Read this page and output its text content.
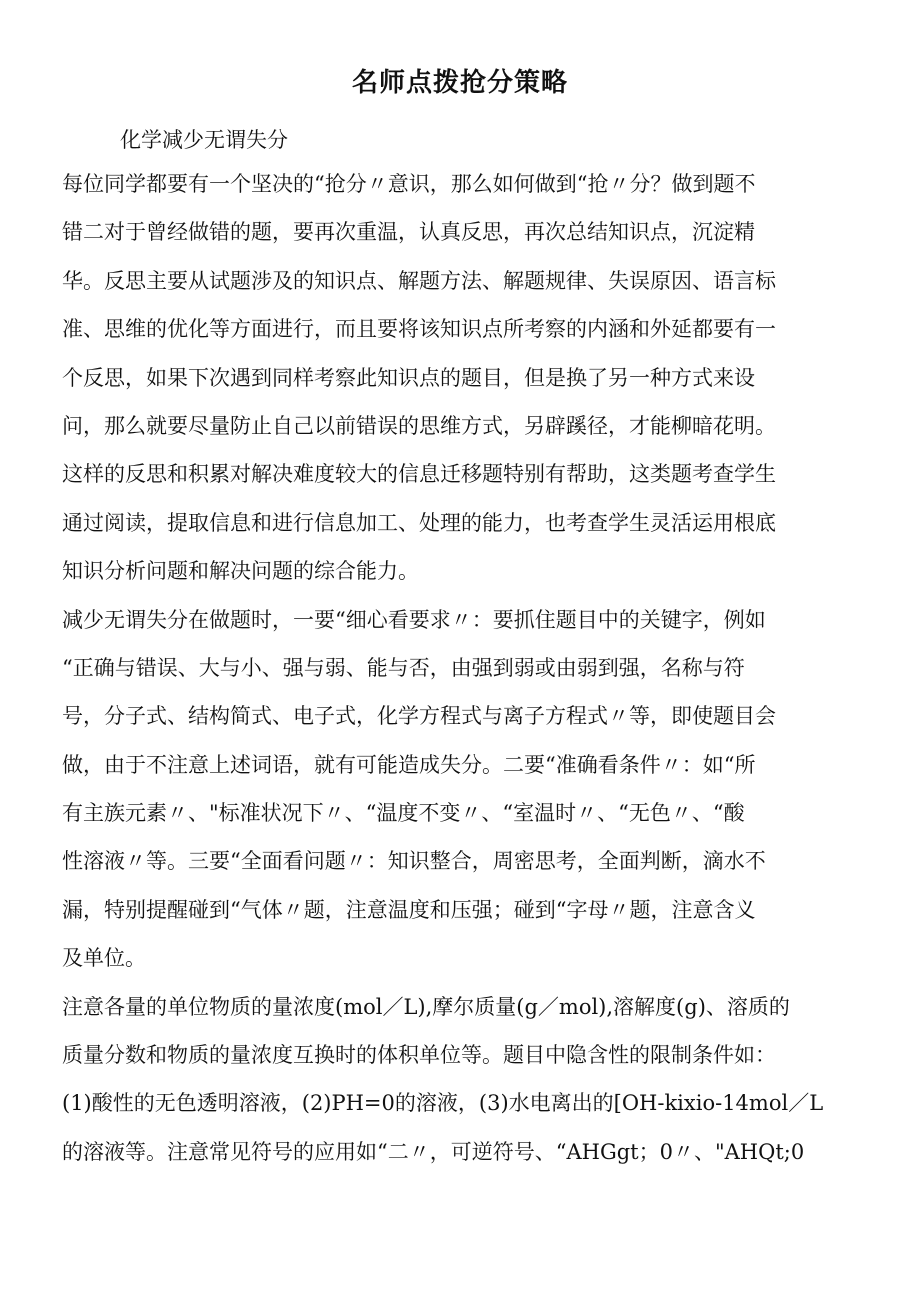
名师点拨抢分策略

化学减少无谓失分

每位同学都要有一个坚决的“抢分〃意识，那么如何做到“抢〃分？做到题不
错二对于曾经做错的题，要再次重温，认真反思，再次总结知识点，沉淀精
华。反思主要从试题涉及的知识点、解题方法、解题规律、失误原因、语言标
准、思维的优化等方面进行，而且要将该知识点所考察的内涵和外延都要有一
个反思，如果下次遇到同样考察此知识点的题目，但是换了另一种方式来设
问，那么就要尽量防止自己以前错误的思维方式，另辟蹊径，才能柳暗花明。
这样的反思和积累对解决难度较大的信息迁移题特别有帮助，这类题考查学生
通过阅读，提取信息和进行信息加工、处理的能力，也考查学生灵活运用根底
知识分析问题和解决问题的综合能力。
减少无谓失分在做题时，一要“细心看要求〃：要抓住题目中的关键字，例如
“正确与错误、大与小、强与弱、能与否，由强到弱或由弱到强，名称与符
号，分子式、结构简式、电子式，化学方程式与离子方程式〃等，即使题目会
做，由于不注意上述词语，就有可能造成失分。二要“准确看条件〃：如“所
有主族元素〃、"标准状况下〃、“温度不变〃、“室温时〃、“无色〃、“酸
性溶液〃等。三要“全面看问题〃：知识整合，周密思考，全面判断，滴水不
漏，特别提醒碰到“气体〃题，注意温度和压强；碰到“字母〃题，注意含义
及单位。
注意各量的单位物质的量浓度(mol／L),摩尔质量(g／mol),溶解度(g)、溶质的
质量分数和物质的量浓度互换时的体积单位等。题目中隐含性的限制条件如：
(1)酸性的无色透明溶液，(2)PH=0的溶液，(3)水电离出的[OH-kixio-14mol／L
的溶液等。注意常见符号的应用如“二〃，可逆符号、“AHGgt；0〃、"AHQt;0
